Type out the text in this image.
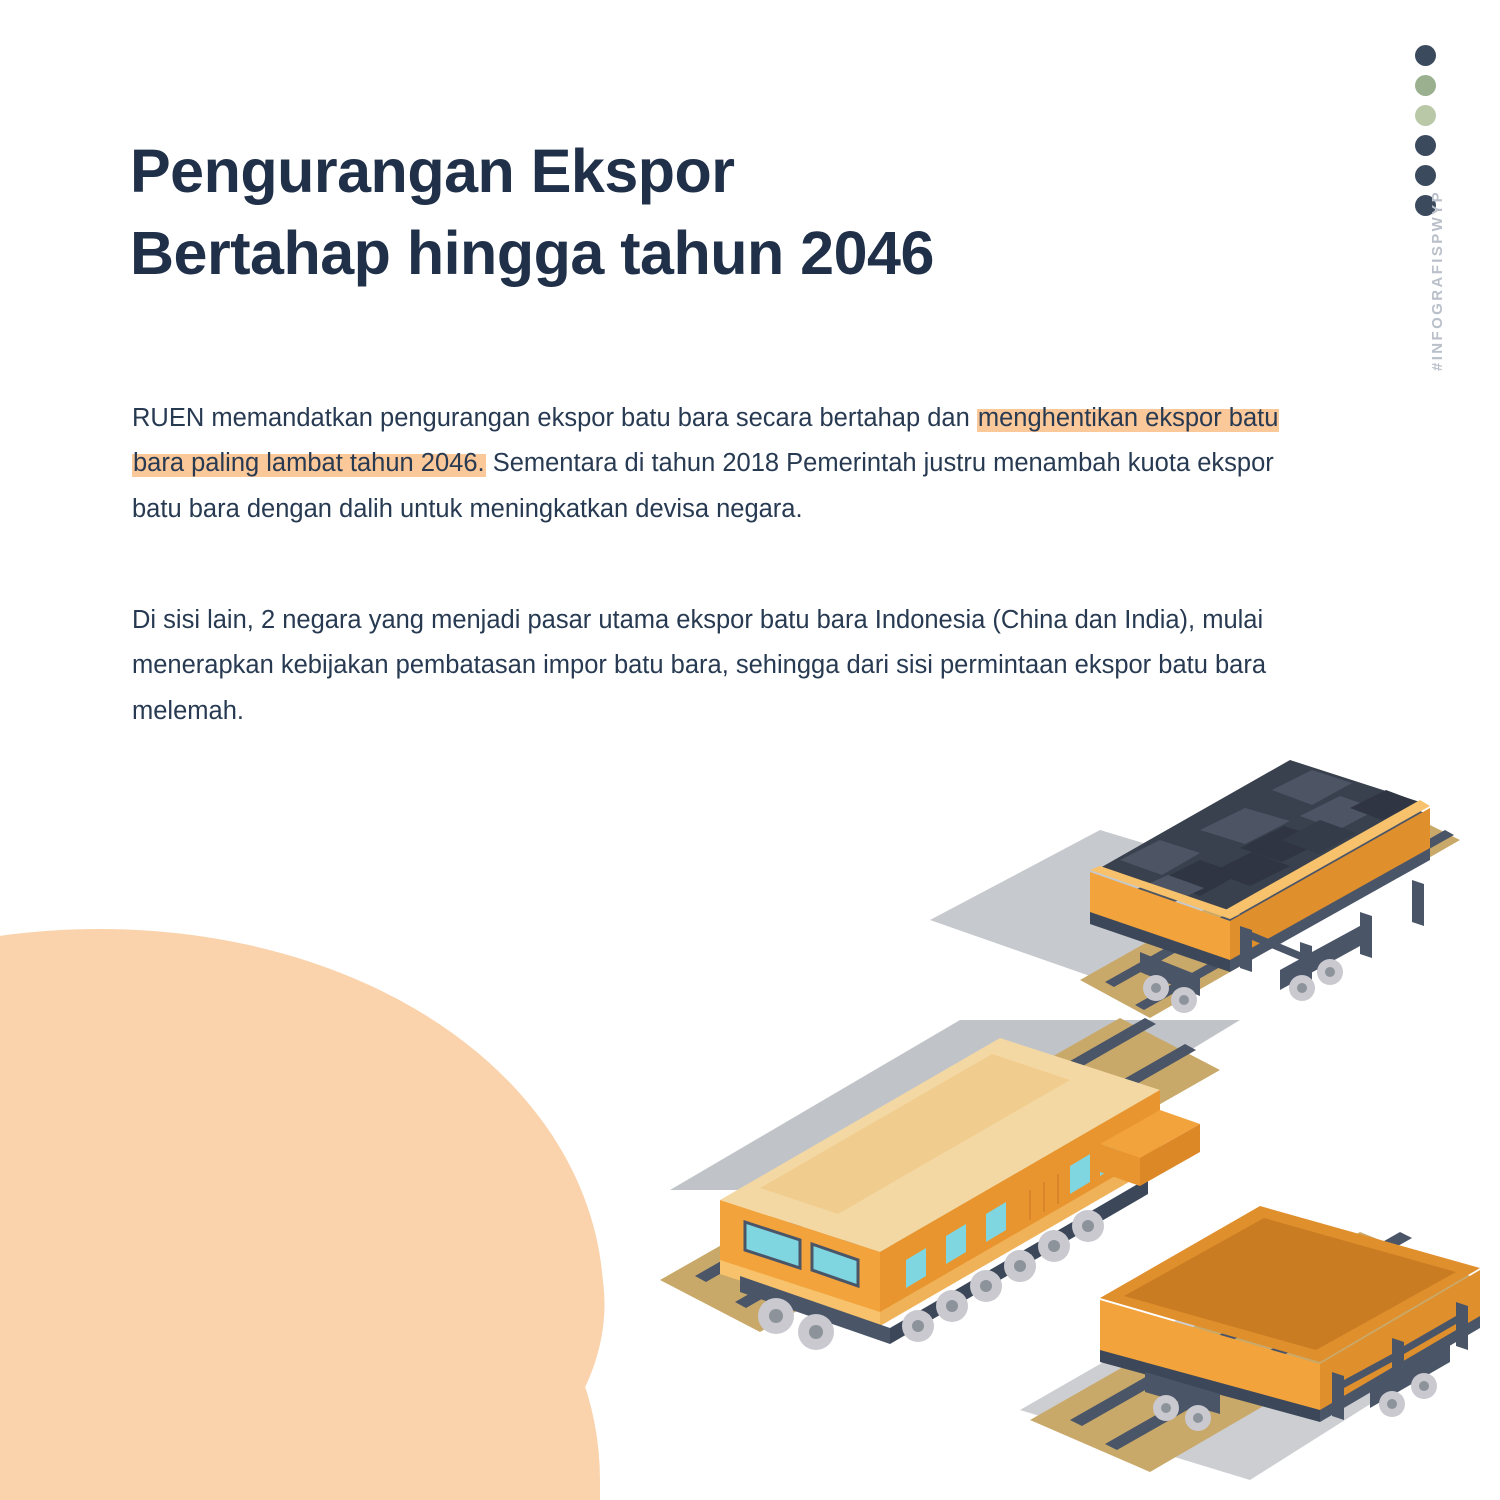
#INFOGRAFISPWYP
Pengurangan Ekspor
Bertahap hingga tahun 2046
RUEN memandatkan pengurangan ekspor batu bara secara bertahap dan menghentikan ekspor batu bara paling lambat tahun 2046. Sementara di tahun 2018 Pemerintah justru menambah kuota ekspor batu bara dengan dalih untuk meningkatkan devisa negara.
Di sisi lain, 2 negara yang menjadi pasar utama ekspor batu bara Indonesia (China dan India), mulai menerapkan kebijakan pembatasan impor batu bara, sehingga dari sisi permintaan ekspor batu bara melemah.
